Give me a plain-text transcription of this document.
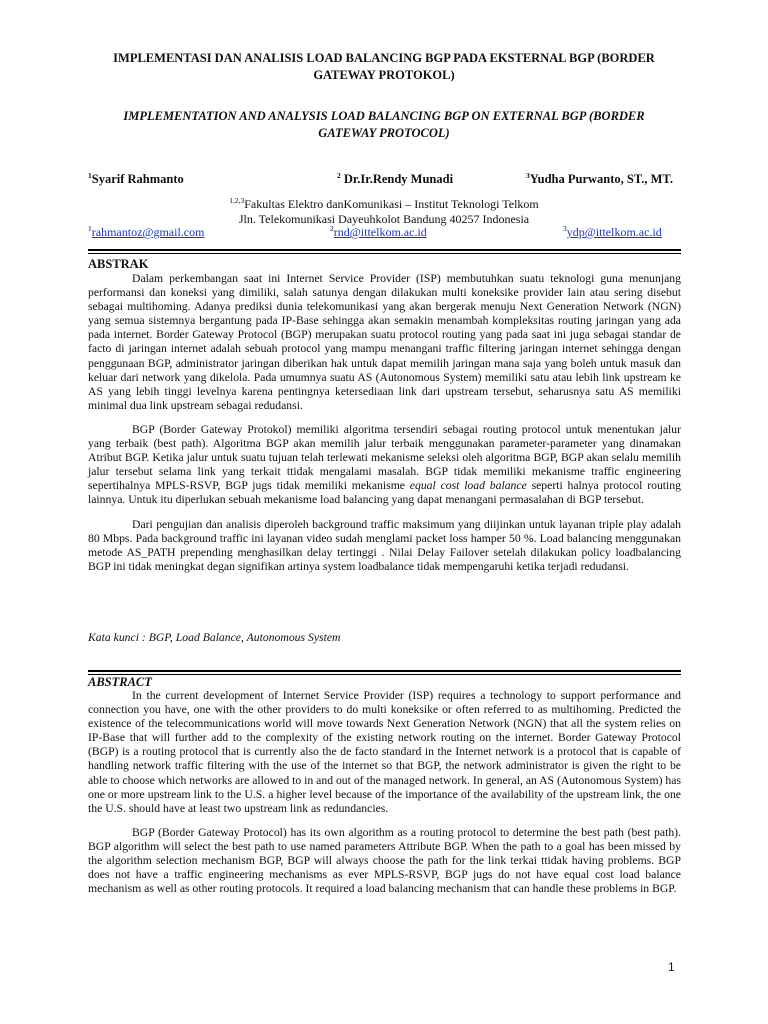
IMPLEMENTASI DAN ANALISIS LOAD BALANCING BGP PADA EKSTERNAL BGP (BORDER GATEWAY PROTOKOL)
IMPLEMENTATION AND ANALYSIS LOAD BALANCING BGP ON EXTERNAL BGP (BORDER GATEWAY PROTOCOL)
$^1$Syarif Rahmanto	$^2$ Dr.Ir.Rendy Munadi	$^3$Yudha Purwanto, ST., MT.
$^{1,2,3}$Fakultas Elektro danKomunikasi – Institut Teknologi Telkom
Jln. Telekomunikasi Dayeuhkolot Bandung 40257 Indonesia
$^1$rahmantoz@gmail.com	$^2$rnd@ittelkom.ac.id	$^3$ydp@ittelkom.ac.id
ABSTRAK

Dalam perkembangan saat ini Internet Service Provider (ISP) membutuhkan suatu teknologi guna menunjang performansi dan koneksi yang dimiliki, salah satunya dengan dilakukan multi koneksike provider lain atau sering disebut sebagai multihoming. Adanya prediksi dunia telekomunikasi yang akan bergerak menuju Next Generation Network (NGN) yang semua sistemnya bergantung pada IP-Base sehingga akan semakin menambah kompleksitas routing jaringan yang ada pada internet. Border Gateway Protocol (BGP) merupakan suatu protocol routing yang pada saat ini juga sebagai standar de facto di jaringan internet adalah sebuah protocol yang mampu menangani traffic filtering jaringan internet sehingga dengan penggunaan BGP, administrator jaringan diberikan hak untuk dapat memilih jaringan mana saja yang boleh untuk masuk dan keluar dari network yang dikelola. Pada umumnya suatu AS (Autonomous System) memiliki satu atau lebih link upstream ke AS yang lebih tinggi levelnya karena pentingnya ketersediaan link dari upstream tersebut, seharusnya satu AS memiliki minimal dua link upstream sebagai redudansi.

BGP (Border Gateway Protokol) memiliki algoritma tersendiri sebagai routing protocol untuk menentukan jalur yang terbaik (best path). Algoritma BGP akan memilih jalur terbaik menggunakan parameter-parameter yang dinamakan Atribut BGP. Ketika jalur untuk suatu tujuan telah terlewati mekanisme seleksi oleh algoritma BGP, BGP akan selalu memilih jalur tersebut selama link yang terkait ttidak mengalami masalah. BGP tidak memiliki mekanisme traffic engineering sepertihalnya MPLS-RSVP, BGP jugs tidak memiliki mekanisme equal cost load balance seperti halnya protocol routing lainnya. Untuk itu diperlukan sebuah mekanisme load balancing yang dapat menangani permasalahan di BGP tersebut.

Dari pengujian dan analisis diperoleh background traffic maksimum yang diijinkan untuk layanan triple play adalah 80 Mbps. Pada background traffic ini layanan video sudah menglami packet loss hamper 50 %. Load balancing menggunakan metode AS_PATH prepending menghasilkan delay tertinggi . Nilai Delay Failover setelah dilakukan policy loadbalancing BGP ini tidak meningkat degan signifikan artinya system loadbalance tidak mempengaruhi ketika terjadi redudansi.

Kata kunci : BGP, Load Balance, Autonomous System
ABSTRACT

In the current development of Internet Service Provider (ISP) requires a technology to support performance and connection you have, one with the other providers to do multi koneksike or often referred to as multihoming. Predicted the existence of the telecommunications world will move towards Next Generation Network (NGN) that all the system relies on IP-Base that will further add to the complexity of the existing network routing on the internet. Border Gateway Protocol (BGP) is a routing protocol that is currently also the de facto standard in the Internet network is a protocol that is capable of handling network traffic filtering with the use of the internet so that BGP, the network administrator is given the right to be able to choose which networks are allowed to in and out of the managed network. In general, an AS (Autonomous System) has one or more upstream link to the U.S. a higher level because of the importance of the availability of the upstream link, the one the U.S. should have at least two upstream link as redundancies.

BGP (Border Gateway Protocol) has its own algorithm as a routing protocol to determine the best path (best path). BGP algorithm will select the best path to use named parameters Attribute BGP. When the path to a goal has been missed by the algorithm selection mechanism BGP, BGP will always choose the path for the link terkai ttidak having problems. BGP does not have a traffic engineering mechanisms as ever MPLS-RSVP, BGP jugs do not have equal cost load balance mechanism as well as other routing protocols. It required a load balancing mechanism that can handle these problems in BGP.

1
